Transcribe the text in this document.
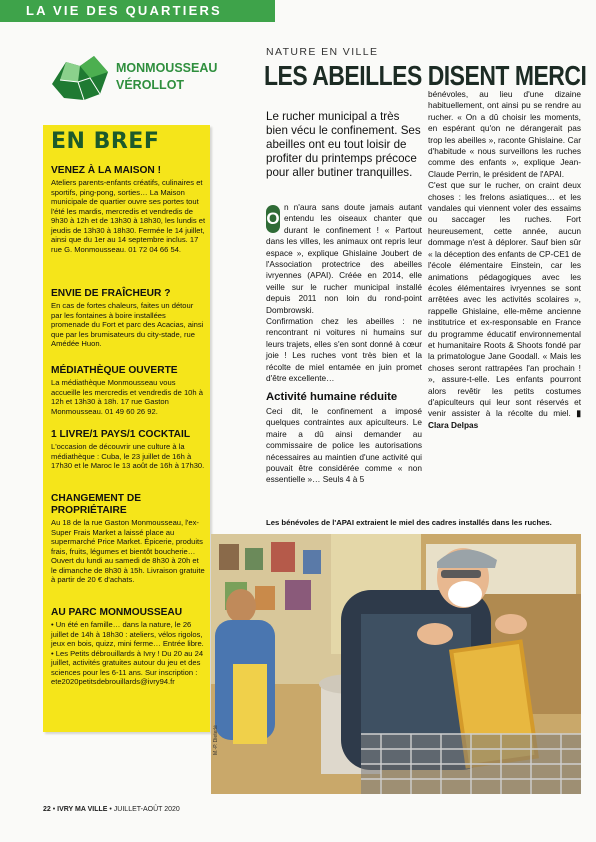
LA VIE DES QUARTIERS
MONMOUSSEAU
VÉROLLOT
EN BREF
VENEZ À LA MAISON !
Ateliers parents-enfants créatifs, culinaires et sportifs, ping-pong, sorties… La Maison municipale de quartier ouvre ses portes tout l'été les mardis, mercredis et vendredis de 9h30 à 12h et de 13h30 à 18h30, les lundis et jeudis de 13h30 à 18h30. Fermée le 14 juillet, ainsi que du 1er au 14 septembre inclus. 17 rue G. Monmousseau. 01 72 04 66 54.
ENVIE DE FRAÎCHEUR ?
En cas de fortes chaleurs, faites un détour par les fontaines à boire installées promenade du Fort et parc des Acacias, ainsi que par les brumisateurs du city-stade, rue Amédée Huon.
MÉDIATHÈQUE OUVERTE
La médiathèque Monmousseau vous accueille les mercredis et vendredis de 10h à 12h et 13h30 à 18h. 17 rue Gaston Monmousseau. 01 49 60 26 92.
1 LIVRE/1 PAYS/1 COCKTAIL
L'occasion de découvrir une culture à la médiathèque : Cuba, le 23 juillet de 16h à 17h30 et le Maroc le 13 août de 16h à 17h30.
CHANGEMENT DE PROPRIÉTAIRE
Au 18 de la rue Gaston Monmousseau, l'ex-Super Frais Market a laissé place au supermarché Price Market. Épicerie, produits frais, fruits, légumes et bientôt boucherie… Ouvert du lundi au samedi de 8h30 à 20h et le dimanche de 8h30 à 15h. Livraison gratuite à partir de 20 € d'achats.
AU PARC MONMOUSSEAU
• Un été en famille… dans la nature, le 26 juillet de 14h à 18h30 : ateliers, vélos rigolos, jeux en bois, quizz, mini ferme… Entrée libre. • Les Petits débrouillards à Ivry ! Du 20 au 24 juillet, activités gratuites autour du jeu et des sciences pour les 6-11 ans. Sur inscription : ete2020petitsdebrouillards@ivry94.fr
NATURE EN VILLE
LES ABEILLES DISENT MERCI
Le rucher municipal a très bien vécu le confinement. Ses abeilles ont eu tout loisir de profiter du printemps précoce pour aller butiner tranquilles.
O

n n'aura sans doute jamais autant entendu les oiseaux chanter que durant le confinement ! « Partout dans les villes, les animaux ont repris leur espace », explique Ghislaine Joubert de l'Association protectrice des abeilles ivryennes (APAI). Créée en 2014, elle veille sur le rucher municipal installé depuis 2011 non loin du rond-point Dombrowski.

Confirmation chez les abeilles : ne rencontrant ni voitures ni humains sur leurs trajets, elles s'en sont donné à cœur joie ! Les ruches vont très bien et la récolte de miel entamée en juin promet d'être excellente…

Activité humaine réduite

Ceci dit, le confinement a imposé quelques contraintes aux apiculteurs. Le maire a dû ainsi demander au commissaire de police les autorisations nécessaires au maintien d'une activité qui pouvait être considérée comme « non essentielle »… Seuls 4 à 5

bénévoles, au lieu d'une dizaine habituellement, ont ainsi pu se rendre au rucher. « On a dû choisir les moments, en espérant qu'on ne dérangerait pas trop les abeilles », raconte Ghislaine. Car d'habitude « nous surveillons les ruches comme des enfants », explique Jean-Claude Perrin, le président de l'APAI.

C'est que sur le rucher, on craint deux choses : les frelons asiatiques… et les vandales qui viennent voler des essaims ou saccager les ruches. Fort heureusement, cette année, aucun dommage n'est à déplorer. Sauf bien sûr « la déception des enfants de CP-CE1 de l'école élémentaire Einstein, car les animations pédagogiques avec les écoles élémentaires ivryennes se sont arrêtées avec les activités scolaires », rappelle Ghislaine, elle-même ancienne institutrice et ex-responsable en France du programme éducatif environnemental et humanitaire Roots & Shoots fondé par la primatologue Jane Goodall. « Mais les choses seront rattrapées l'an prochain ! », assure-t-elle. Les enfants pourront alors revêtir les petits costumes d'apiculteurs qui leur sont réservés et venir assister à la récolte du miel. ▮ Clara Delpas

Les bénévoles de l'APAI extraient le miel des cadres installés dans les ruches.
M.-P. Dieterlé
22 • IVRY MA VILLE • JUILLET-AOÛT 2020
